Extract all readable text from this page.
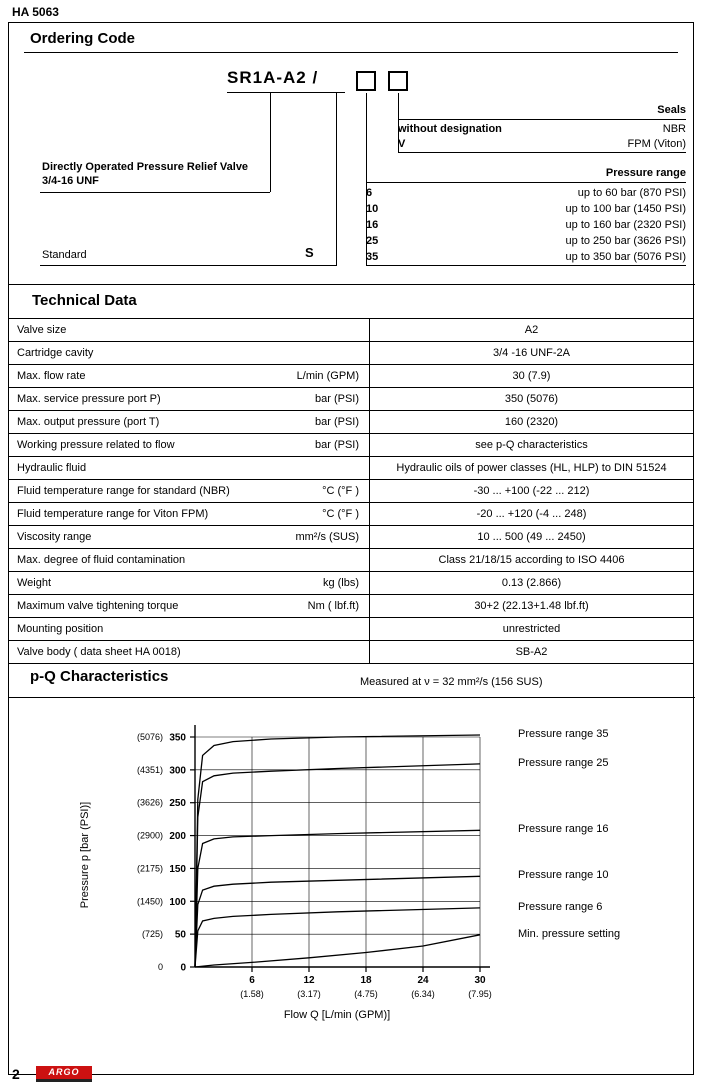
HA 5063
Ordering Code
SR1A-A2 /
Directly Operated Pressure Relief Valve
3/4-16 UNF
Standard	S
Seals
without designation	NBR
V	FPM (Viton)
Pressure range
6	up to 60 bar (870 PSI)
10	up to 100 bar (1450 PSI)
16	up to 160 bar (2320 PSI)
25	up to 250 bar (3626 PSI)
35	up to 350 bar (5076 PSI)
Technical Data
Valve size	A2
Cartridge cavity	3/4 -16 UNF-2A
Max. flow rate	L/min (GPM)	30 (7.9)
Max. service pressure port P)	bar (PSI)	350 (5076)
Max. output pressure (port T)	bar (PSI)	160 (2320)
Working pressure related to flow	bar (PSI)	see p-Q characteristics
Hydraulic fluid	Hydraulic oils of power classes (HL, HLP) to DIN 51524
Fluid temperature range for standard (NBR)	°C (°F )	-30 ... +100 (-22 ... 212)
Fluid temperature range for Viton FPM)	°C (°F )	-20 ... +120 (-4 ... 248)
Viscosity range	mm²/s (SUS)	10 ... 500 (49 ... 2450)
Max. degree of fluid contamination	Class 21/18/15 according to ISO 4406
Weight	kg (lbs)	0.13 (2.866)
Maximum valve tightening torque	Nm ( lbf.ft)	30+2 (22.13+1.48 lbf.ft)
Mounting position	unrestricted
Valve body ( data sheet HA 0018)	SB-A2
p-Q Characteristics	Measured at ν = 32 mm²/s (156 SUS)
0
0
50
(725)
100
(1450)
150
(2175)
200
(2900)
250
(3626)
300
(4351)
350
(5076)
6
(1.58)
12
(3.17)
18
(4.75)
24
(6.34)
30
(7.95)
Pressure p [bar (PSI)]
Flow Q [L/min (GPM)]
Pressure range 35
Pressure range 25
Pressure range 16
Pressure range 10
Pressure range 6
Min. pressure setting
2	ARGO
